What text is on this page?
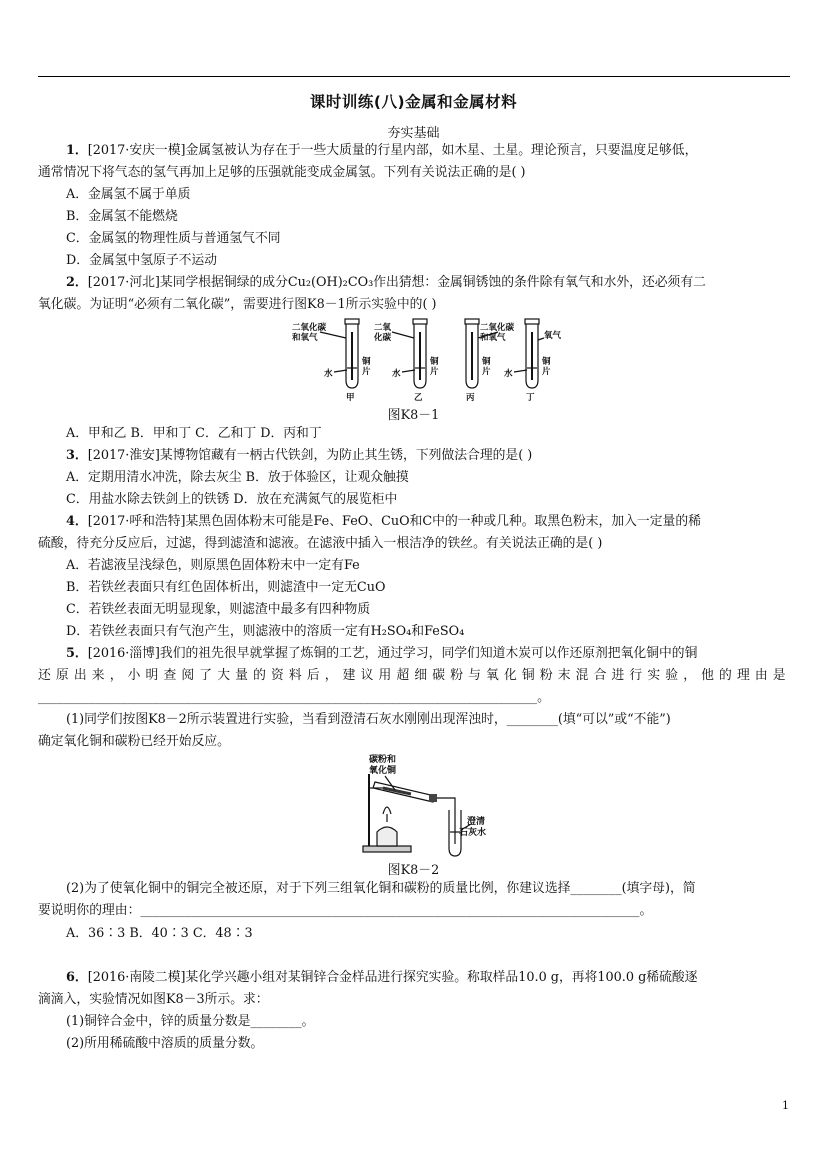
课时训练(八)金属和金属材料
夯实基础
1．[2017·安庆一模]金属氢被认为存在于一些大质量的行星内部，如木星、土星。理论预言，只要温度足够低，
通常情况下将气态的氢气再加上足够的压强就能变成金属氢。下列有关说法正确的是( )
A．金属氢不属于单质
B．金属氢不能燃烧
C．金属氢的物理性质与普通氢气不同
D．金属氢中氢原子不运动
2．[2017·河北]某同学根据铜绿的成分Cu₂(OH)₂CO₃作出猜想：金属铜锈蚀的条件除有氧气和水外，还必须有二
氧化碳。为证明“必须有二氧化碳”，需要进行图K8－1所示实验中的( )
二氧化碳
和氧气
二氧
化碳
二氧化碳
和氧气	氧气
铜
片
铜
片
铜
片
铜
片
水	水	水
甲	乙	丙	丁
图K8－1
A．甲和乙 B．甲和丁 C．乙和丁 D．丙和丁
3．[2017·淮安]某博物馆藏有一柄古代铁剑，为防止其生锈，下列做法合理的是( )
A．定期用清水冲洗，除去灰尘 B．放于体验区，让观众触摸
C．用盐水除去铁剑上的铁锈 D．放在充满氮气的展览柜中
4．[2017·呼和浩特]某黑色固体粉末可能是Fe、FeO、CuO和C中的一种或几种。取黑色粉末，加入一定量的稀
硫酸，待充分反应后，过滤，得到滤渣和滤液。在滤液中插入一根洁净的铁丝。有关说法正确的是( )
A．若滤液呈浅绿色，则原黑色固体粉末中一定有Fe
B．若铁丝表面只有红色固体析出，则滤渣中一定无CuO
C．若铁丝表面无明显现象，则滤渣中最多有四种物质
D．若铁丝表面只有气泡产生，则滤液中的溶质一定有H₂SO₄和FeSO₄
5．[2016·淄博]我们的祖先很早就掌握了炼铜的工艺，通过学习，同学们知道木炭可以作还原剂把氧化铜中的铜
还 原 出 来 ， 小 明 查 阅 了 大 量 的 资 料 后 ， 建 议 用 超 细 碳 粉 与 氧 化 铜 粉 末 混 合 进 行 实 验 ， 他 的 理 由 是
______________________________________________________________________________。
(1)同学们按图K8－2所示装置进行实验，当看到澄清石灰水刚刚出现浑浊时，________(填“可以”或“不能”)
确定氧化铜和碳粉已经开始反应。
碳粉和
氧化铜
澄清
石灰水
图K8－2
(2)为了使氧化铜中的铜完全被还原，对于下列三组氧化铜和碳粉的质量比例，你建议选择________(填字母)，简
要说明你的理由：______________________________________________________________________________。
A．36∶3 B．40∶3 C．48∶3
6．[2016·南陵二模]某化学兴趣小组对某铜锌合金样品进行探究实验。称取样品10.0 g，再将100.0 g稀硫酸逐
滴滴入，实验情况如图K8－3所示。求：
(1)铜锌合金中，锌的质量分数是________。
(2)所用稀硫酸中溶质的质量分数。
1
